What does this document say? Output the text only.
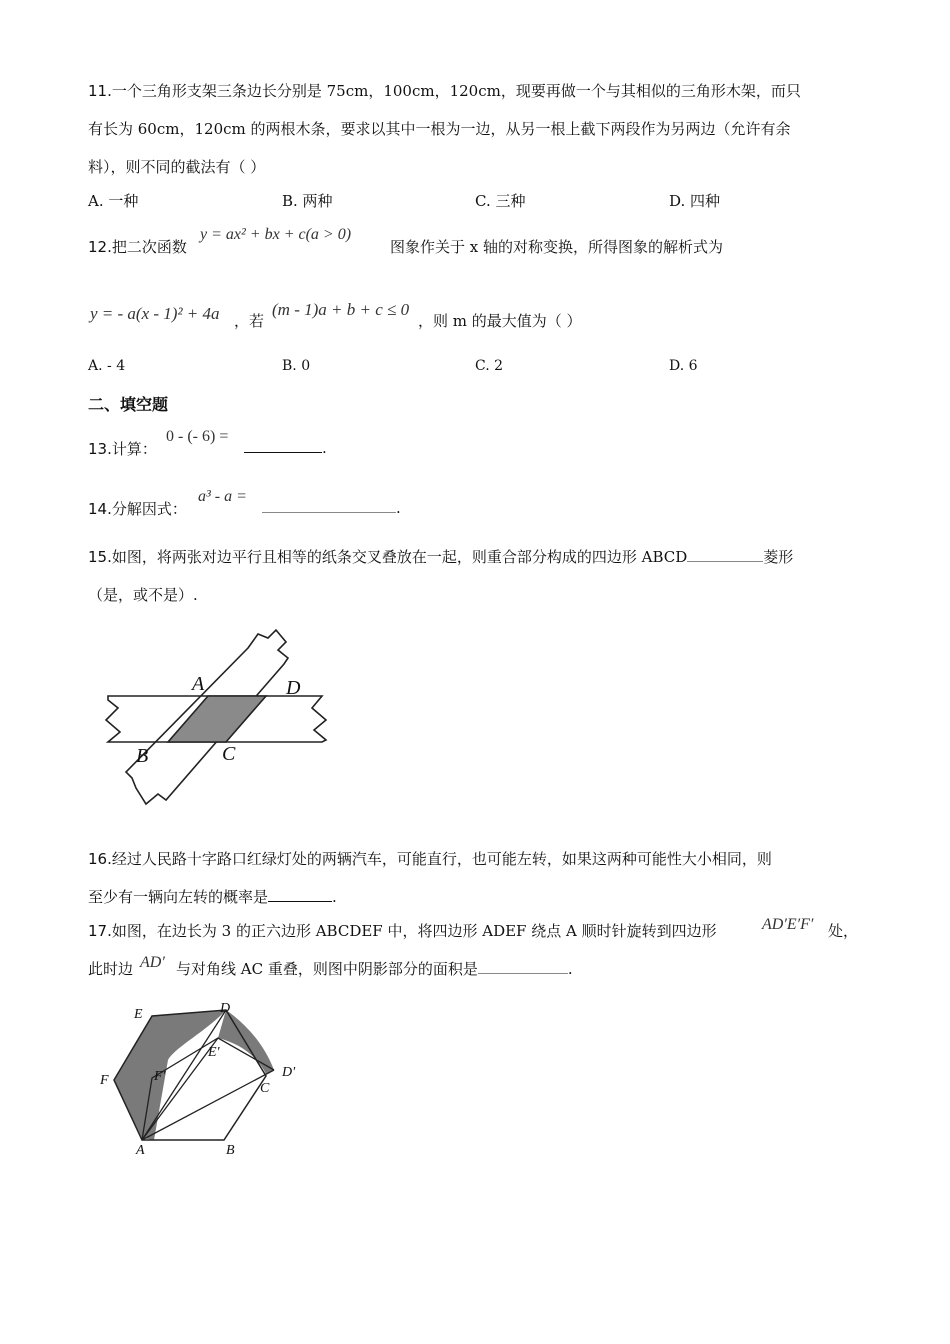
11.一个三角形支架三条边长分别是 75cm，100cm，120cm，现要再做一个与其相似的三角形木架，而只
有长为 60cm，120cm 的两根木条，要求以其中一根为一边，从另一根上截下两段作为另两边（允许有余
料），则不同的截法有（ ）
A. 一种	B. 两种	C. 三种	D. 四种
12.把二次函数
y = ax² + bx + c(a > 0)
图象作关于 x 轴的对称变换，所得图象的解析式为
y = - a(x - 1)² + 4a ，若
(m - 1)a + b + c ≤ 0
，则 m 的最大值为（ ）
A. - 4	B. 0	C. 2	D. 6
二、填空题
13.计算：
0 - (- 6) =
.
14.分解因式：
a³ - a =
.
15.如图，将两张对边平行且相等的纸条交叉叠放在一起，则重合部分构成的四边形 ABCD	菱形
（是，或不是）.
A	D
B	C
16.经过人民路十字路口红绿灯处的两辆汽车，可能直行，也可能左转，如果这两种可能性大小相同，则
至少有一辆向左转的概率是	.
17.如图，在边长为 3 的正六边形 ABCDEF 中，将四边形 ADEF 绕点 A 顺时针旋转到四边形	AD′E′F′ 处，
此时边 AD′ 与对角线 AC 重叠，则图中阴影部分的面积是	.
E	D
E'
F	F'	D'
C
A	B
